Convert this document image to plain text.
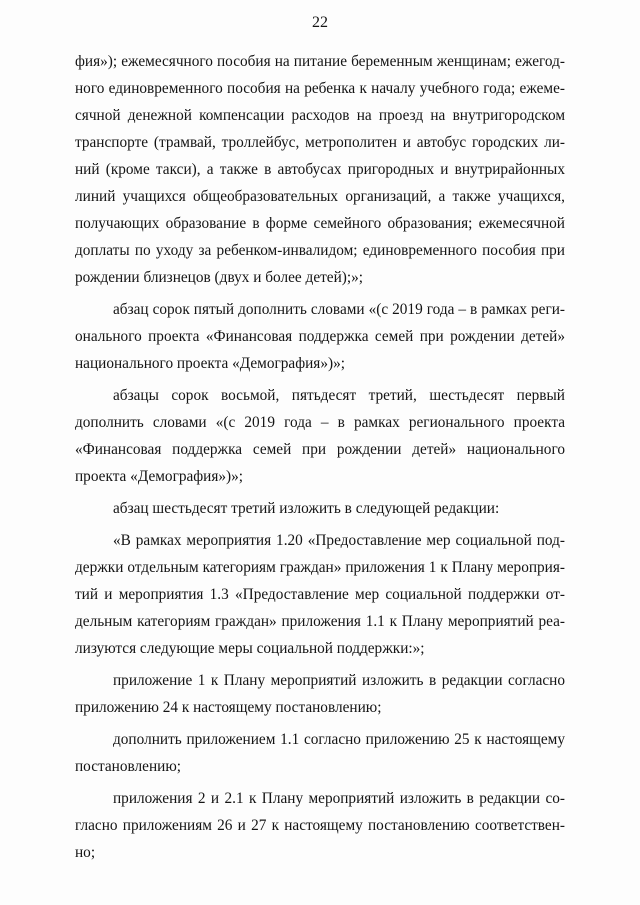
22
фия»); ежемесячного пособия на питание беременным женщинам; ежегод-
ного единовременного пособия на ребенка к началу учебного года; ежеме-
сячной денежной компенсации расходов на проезд на внутригородском
транспорте (трамвай, троллейбус, метрополитен и автобус городских ли-
ний (кроме такси), а также в автобусах пригородных и внутрирайонных
линий учащихся общеобразовательных организаций, а также учащихся,
получающих образование в форме семейного образования; ежемесячной
доплаты по уходу за ребенком-инвалидом; единовременного пособия при
рождении близнецов (двух и более детей);»;
абзац сорок пятый дополнить словами «(с 2019 года – в рамках реги-
онального проекта «Финансовая поддержка семей при рождении детей»
национального проекта «Демография»)»;
абзацы сорок восьмой, пятьдесят третий, шестьдесят первый
дополнить словами «(с 2019 года – в рамках регионального проекта
«Финансовая поддержка семей при рождении детей» национального
проекта «Демография»)»;
абзац шестьдесят третий изложить в следующей редакции:
«В рамках мероприятия 1.20 «Предоставление мер социальной под-
держки отдельным категориям граждан» приложения 1 к Плану мероприя-
тий и мероприятия 1.3 «Предоставление мер социальной поддержки от-
дельным категориям граждан» приложения 1.1 к Плану мероприятий реа-
лизуются следующие меры социальной поддержки:»;
приложение 1 к Плану мероприятий изложить в редакции согласно
приложению 24 к настоящему постановлению;
дополнить приложением 1.1 согласно приложению 25 к настоящему
постановлению;
приложения 2 и 2.1 к Плану мероприятий изложить в редакции со-
гласно приложениям 26 и 27 к настоящему постановлению соответствен-
но;
